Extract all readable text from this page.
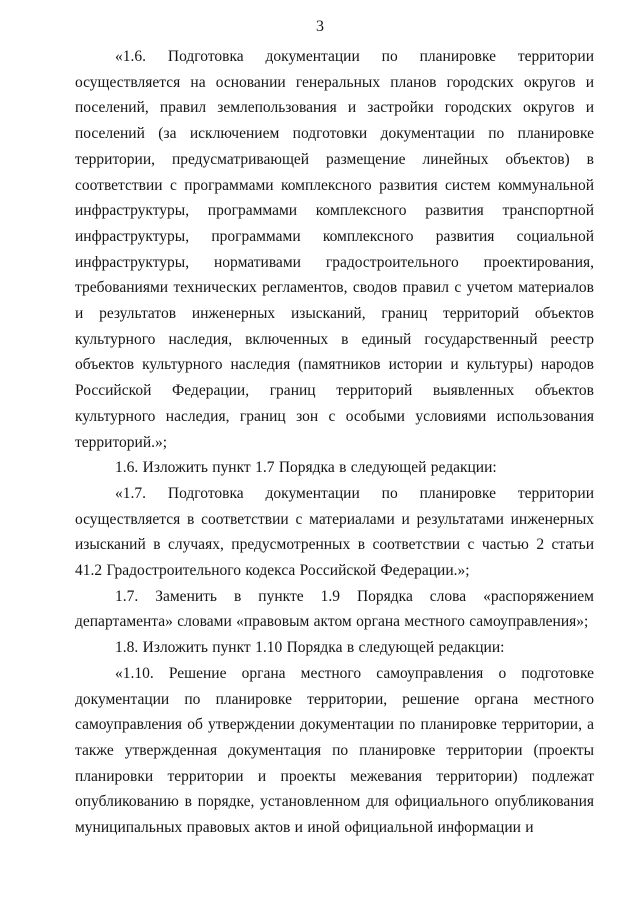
3

«1.6. Подготовка документации по планировке территории осуществляется на основании генеральных планов городских округов и поселений, правил землепользования и застройки городских округов и поселений (за исключением подготовки документации по планировке территории, предусматривающей размещение линейных объектов) в соответствии с программами комплексного развития систем коммунальной инфраструктуры, программами комплексного развития транспортной инфраструктуры, программами комплексного развития социальной инфраструктуры, нормативами градостроительного проектирования, требованиями технических регламентов, сводов правил с учетом материалов и результатов инженерных изысканий, границ территорий объектов культурного наследия, включенных в единый государственный реестр объектов культурного наследия (памятников истории и культуры) народов Российской Федерации, границ территорий выявленных объектов культурного наследия, границ зон с особыми условиями использования территорий.»;

1.6. Изложить пункт 1.7 Порядка в следующей редакции:

«1.7. Подготовка документации по планировке территории осуществляется в соответствии с материалами и результатами инженерных изысканий в случаях, предусмотренных в соответствии с частью 2 статьи 41.2 Градостроительного кодекса Российской Федерации.»;

1.7. Заменить в пункте 1.9 Порядка слова «распоряжением департамента» словами «правовым актом органа местного самоуправления»;

1.8. Изложить пункт 1.10 Порядка в следующей редакции:

«1.10. Решение органа местного самоуправления о подготовке документации по планировке территории, решение органа местного самоуправления об утверждении документации по планировке территории, а также утвержденная документация по планировке территории (проекты планировки территории и проекты межевания территории) подлежат опубликованию в порядке, установленном для официального опубликования муниципальных правовых актов и иной официальной информации и
